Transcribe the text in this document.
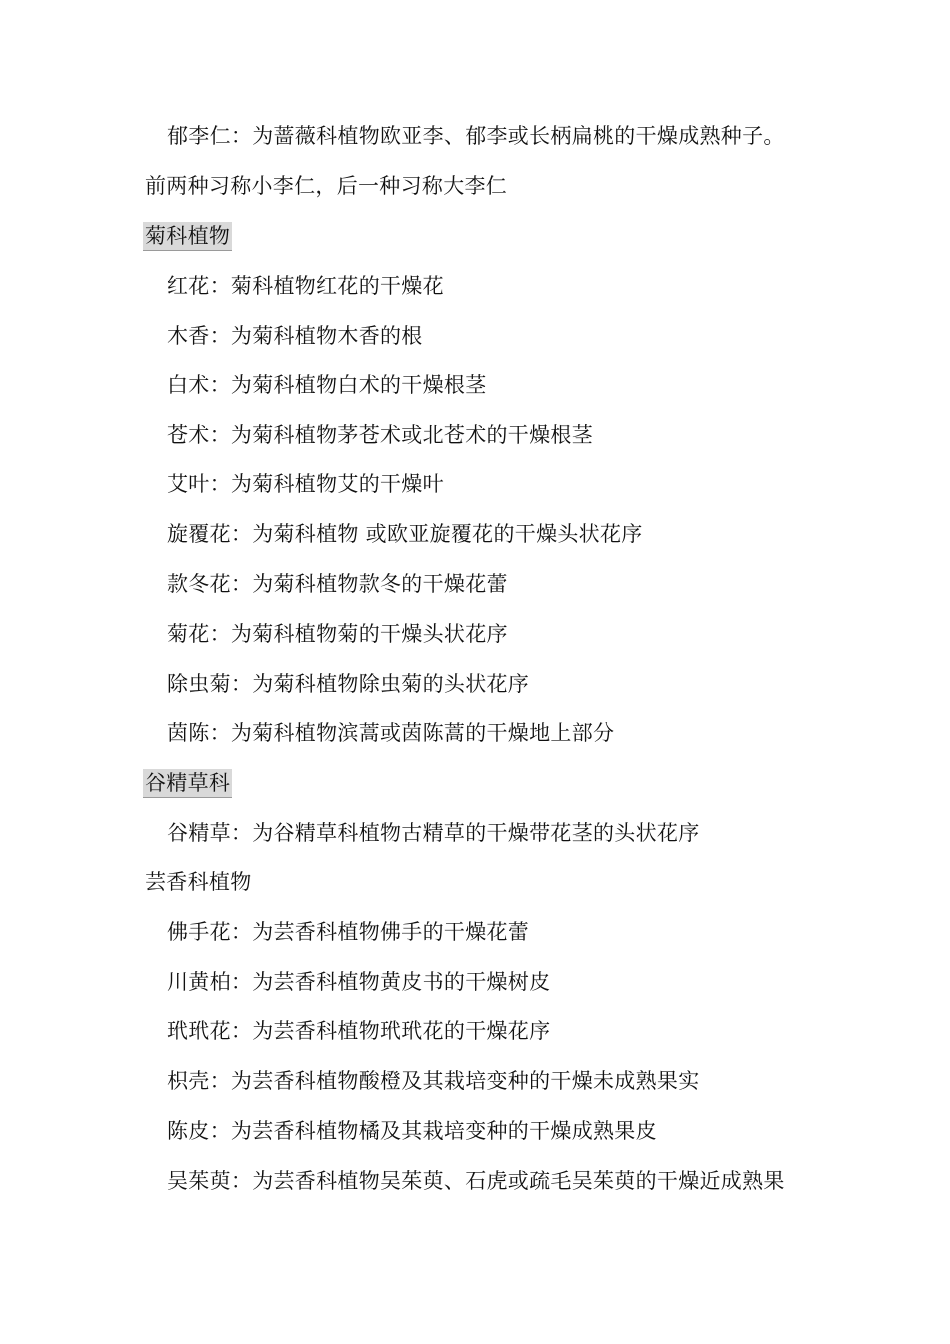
郁李仁：为蔷薇科植物欧亚李、郁李或长柄扁桃的干燥成熟种子。
前两种习称小李仁，后一种习称大李仁
菊科植物
红花：菊科植物红花的干燥花
木香：为菊科植物木香的根
白术：为菊科植物白术的干燥根茎
苍术：为菊科植物茅苍术或北苍术的干燥根茎
艾叶：为菊科植物艾的干燥叶
旋覆花：为菊科植物 或欧亚旋覆花的干燥头状花序
款冬花：为菊科植物款冬的干燥花蕾
菊花：为菊科植物菊的干燥头状花序
除虫菊：为菊科植物除虫菊的头状花序
茵陈：为菊科植物滨蒿或茵陈蒿的干燥地上部分
谷精草科
谷精草：为谷精草科植物古精草的干燥带花茎的头状花序
芸香科植物
佛手花：为芸香科植物佛手的干燥花蕾
川黄柏：为芸香科植物黄皮书的干燥树皮
玳玳花：为芸香科植物玳玳花的干燥花序
枳壳：为芸香科植物酸橙及其栽培变种的干燥未成熟果实
陈皮：为芸香科植物橘及其栽培变种的干燥成熟果皮
吴茱萸：为芸香科植物吴茱萸、石虎或疏毛吴茱萸的干燥近成熟果
